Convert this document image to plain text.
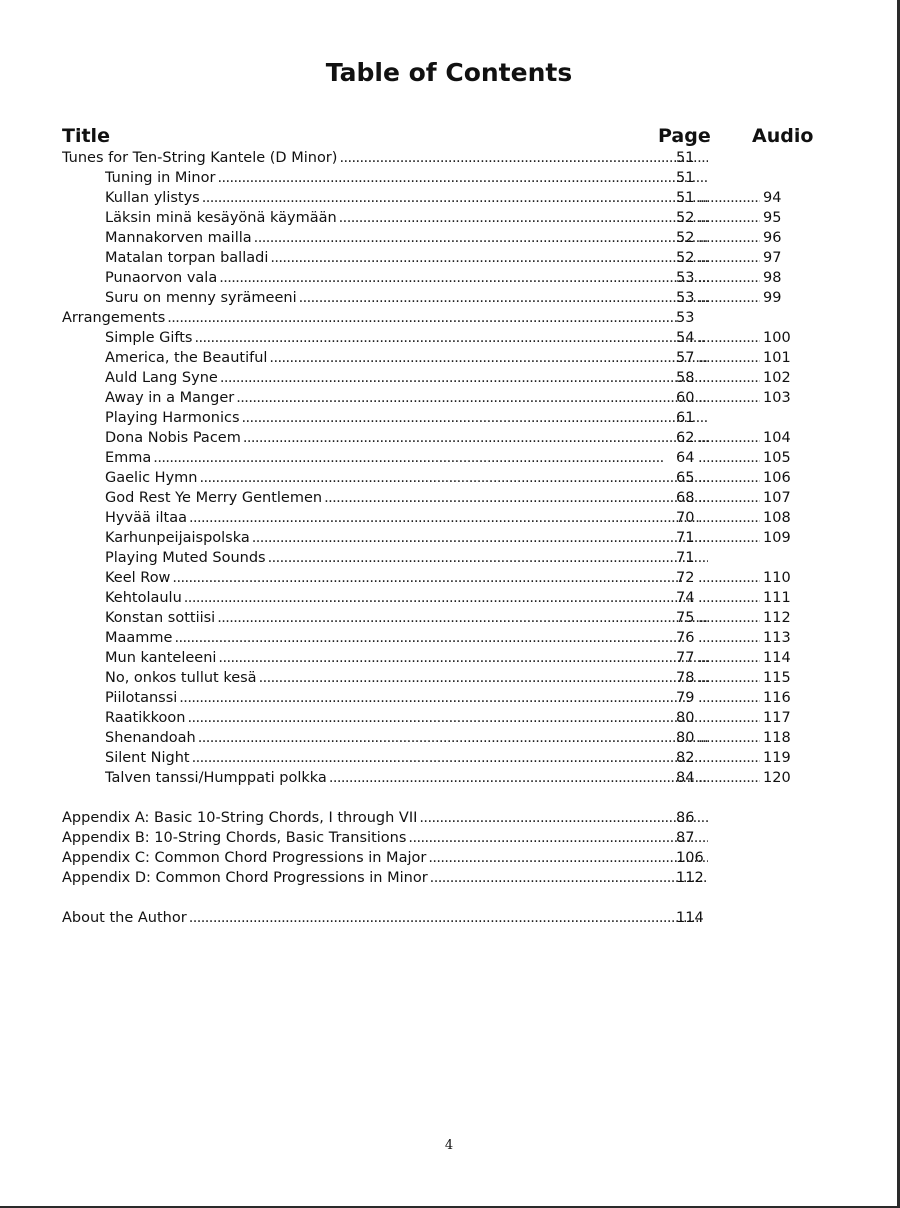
Table of Contents
Title	Page Audio
Tunes for Ten-String Kantele (D Minor) . . .	51
Tuning in Minor . . .	51
Kullan ylistys . . .	51 . . .	94
Läksin minä kesäyönä käymään . . .	52 . . .	95
Mannakorven mailla . . .	52 . . .	96
Matalan torpan balladi . . .	52 . . .	97
Punaorvon vala . . .	53 . . .	98
Suru on menny syrämeeni . . .	53 . . .	99
Arrangements . . .	53
Simple Gifts . . .	54 . . .	100
America, the Beautiful . . .	57 . . .	101
Auld Lang Syne . . .	58 . . .	102
Away in a Manger . . .	60 . . .	103
Playing Harmonics . . .	61
Dona Nobis Pacem . . .	62 . . .	104
Emma . . .	64 . . .	105
Gaelic Hymn . . .	65 . . .	106
God Rest Ye Merry Gentlemen . . .	68 . . .	107
Hyvää iltaa . . .	70 . . .	108
Karhunpeijaispolska . . .	71 . . .	109
Playing Muted Sounds . . .	71
Keel Row . . .	72 . . .	110
Kehtolaulu . . .	74 . . .	111
Konstan sottiisi . . .	75 . . .	112
Maamme . . .	76 . . .	113
Mun kanteleeni . . .	77 . . .	114
No, onkos tullut kesä . . .	78 . . .	115
Piilotanssi . . .	79 . . .	116
Raatikkoon . . .	80 . . .	117
Shenandoah . . .	80 . . .	118
Silent Night . . .	82 . . .	119
Talven tanssi/Humppati polkka . . .	84 . . .	120
Appendix A: Basic 10-String Chords, I through VII . . .	86
Appendix B: 10-String Chords, Basic Transitions . . .	87
Appendix C: Common Chord Progressions in Major . . .	106
Appendix D: Common Chord Progressions in Minor . . .	112
About the Author . . .	114
4
